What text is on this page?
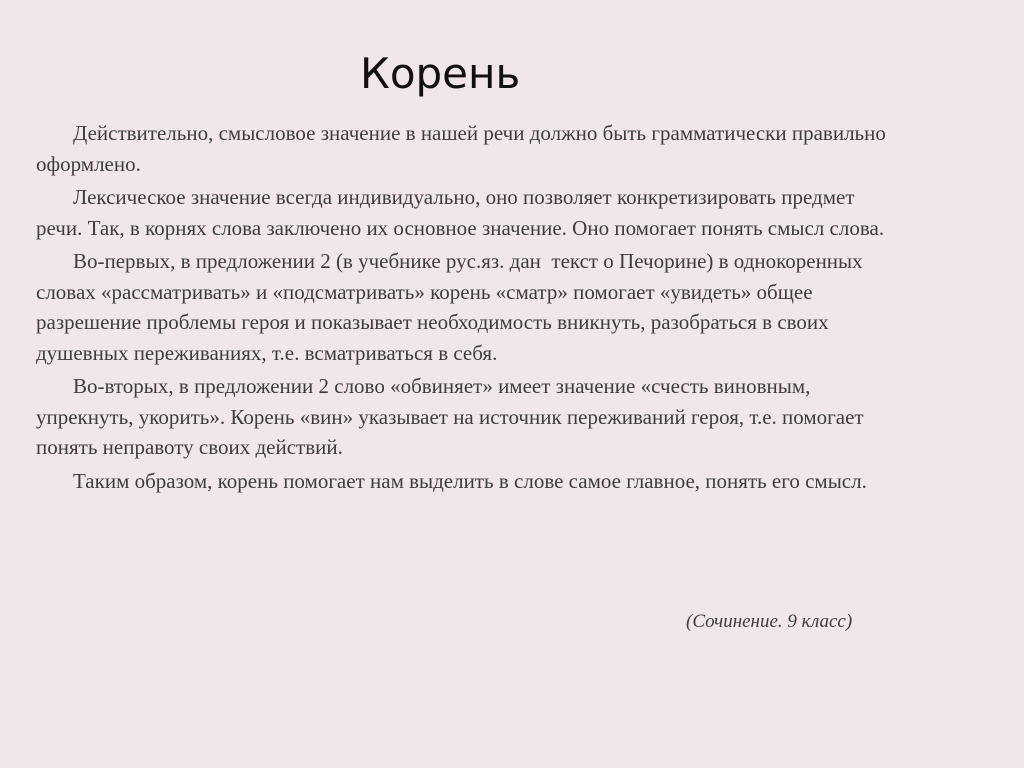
Корень

Действительно, смысловое значение в нашей речи должно быть грамматически правильно оформлено.

Лексическое значение всегда индивидуально, оно позволяет конкретизировать предмет речи. Так, в корнях слова заключено их основное значение. Оно помогает понять смысл слова.

Во-первых, в предложении 2 (в учебнике рус.яз. дан  текст о Печорине) в однокоренных словах «рассматривать» и «подсматривать» корень «сматр» помогает «увидеть» общее разрешение проблемы героя и показывает необходимость вникнуть, разобраться в своих душевных переживаниях, т.е. всматриваться в себя.

Во-вторых, в предложении 2 слово «обвиняет» имеет значение «счесть виновным, упрекнуть, укорить». Корень «вин» указывает на источник переживаний героя, т.е. помогает понять неправоту своих действий.

Таким образом, корень помогает нам выделить в слове самое главное, понять его смысл.

(Сочинение. 9 класс)
